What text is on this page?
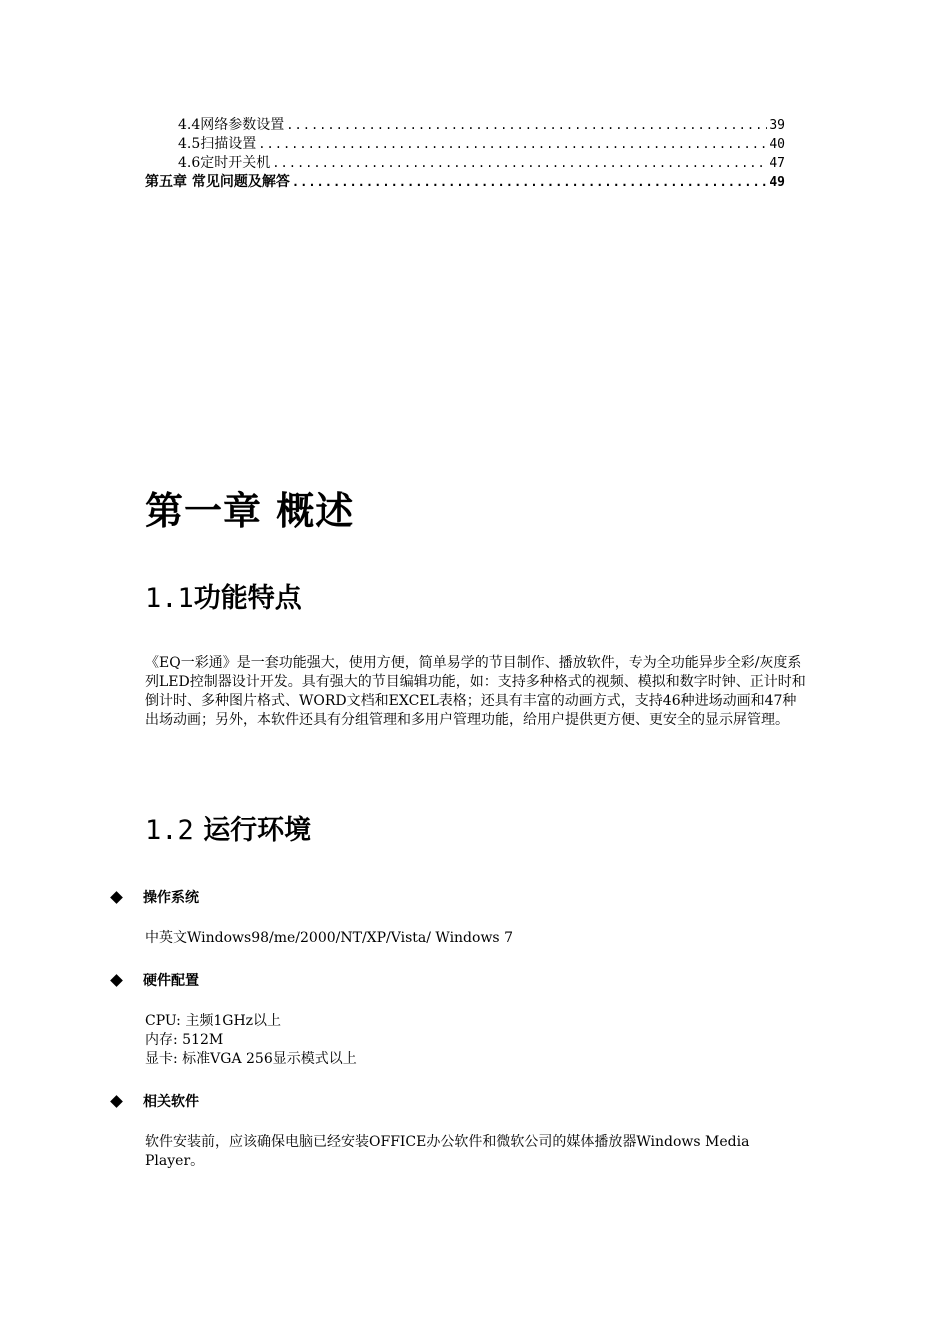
4.4网络参数设置 .....	39
4.5扫描设置 .....	40
4.6定时开关机 .....	47
第五章 常见问题及解答 .....	49
第一章 概述
1.1功能特点

《EQ一彩通》是一套功能强大，使用方便，简单易学的节目制作、播放软件，专为全功能异步全彩/灰度系列LED控制器设计开发。具有强大的节目编辑功能，如：支持多种格式的视频、模拟和数字时钟、正计时和倒计时、多种图片格式、WORD文档和EXCEL表格；还具有丰富的动画方式，支持46种进场动画和47种出场动画；另外，本软件还具有分组管理和多用户管理功能，给用户提供更方便、更安全的显示屏管理。

1.2 运行环境
操作系统

中英文Windows98/me/2000/NT/XP/Vista/ Windows 7

硬件配置

CPU: 主频1GHz以上

内存: 512M

显卡: 标准VGA 256显示模式以上

相关软件

软件安装前，应该确保电脑已经安装OFFICE办公软件和微软公司的媒体播放器Windows Media Player。
